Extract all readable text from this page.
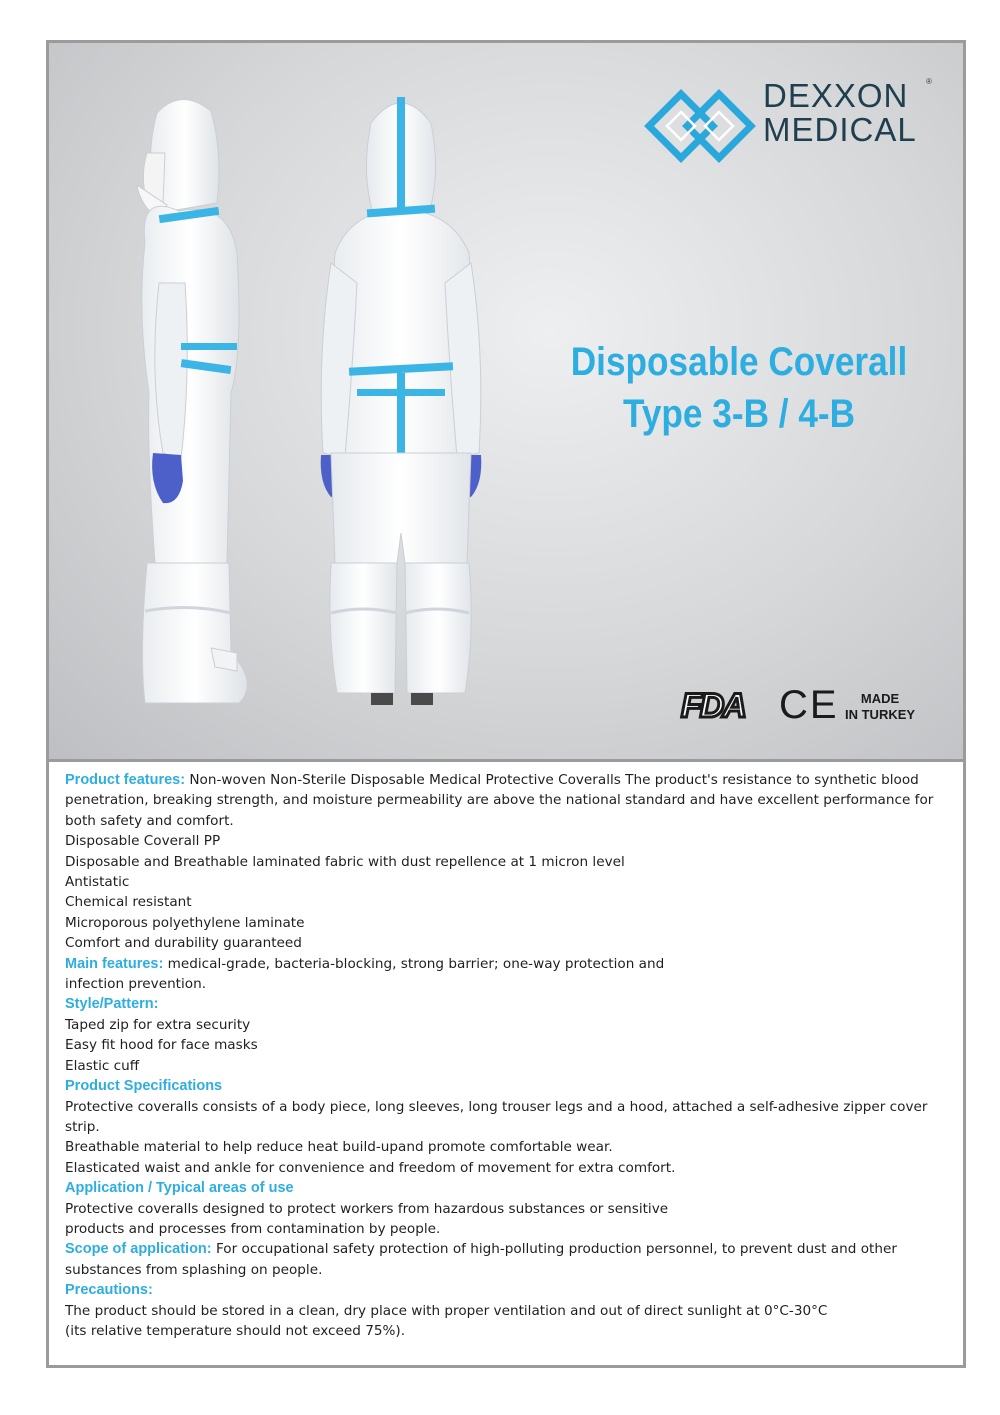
DEXXON
MEDICAL
®
Disposable Coverall
Type 3-B / 4-B
FDA CE	MADE
IN TURKEY

Product features: Non-woven Non-Sterile Disposable Medical Protective Coveralls The product's resistance to synthetic blood penetration, breaking strength, and moisture permeability are above the national standard and have excellent performance for both safety and comfort.

Disposable Coverall PP

Disposable and Breathable laminated fabric with dust repellence at 1 micron level

Antistatic

Chemical resistant

Microporous polyethylene laminate

Comfort and durability guaranteed

Main features: medical-grade, bacteria-blocking, strong barrier; one-way protection and

infection prevention.

Style/Pattern:

Taped zip for extra security

Easy fit hood for face masks

Elastic cuff

Product Specifications

Protective coveralls consists of a body piece, long sleeves, long trouser legs and a hood, attached a self-adhesive zipper cover strip.

Breathable material to help reduce heat build-upand promote comfortable wear.

Elasticated waist and ankle for convenience and freedom of movement for extra comfort.

Application / Typical areas of use

Protective coveralls designed to protect workers from hazardous substances or sensitive

products and processes from contamination by people.

Scope of application: For occupational safety protection of high-polluting production personnel, to prevent dust and other substances from splashing on people.

Precautions:

The product should be stored in a clean, dry place with proper ventilation and out of direct sunlight at 0°C-30°C

(its relative temperature should not exceed 75%).
